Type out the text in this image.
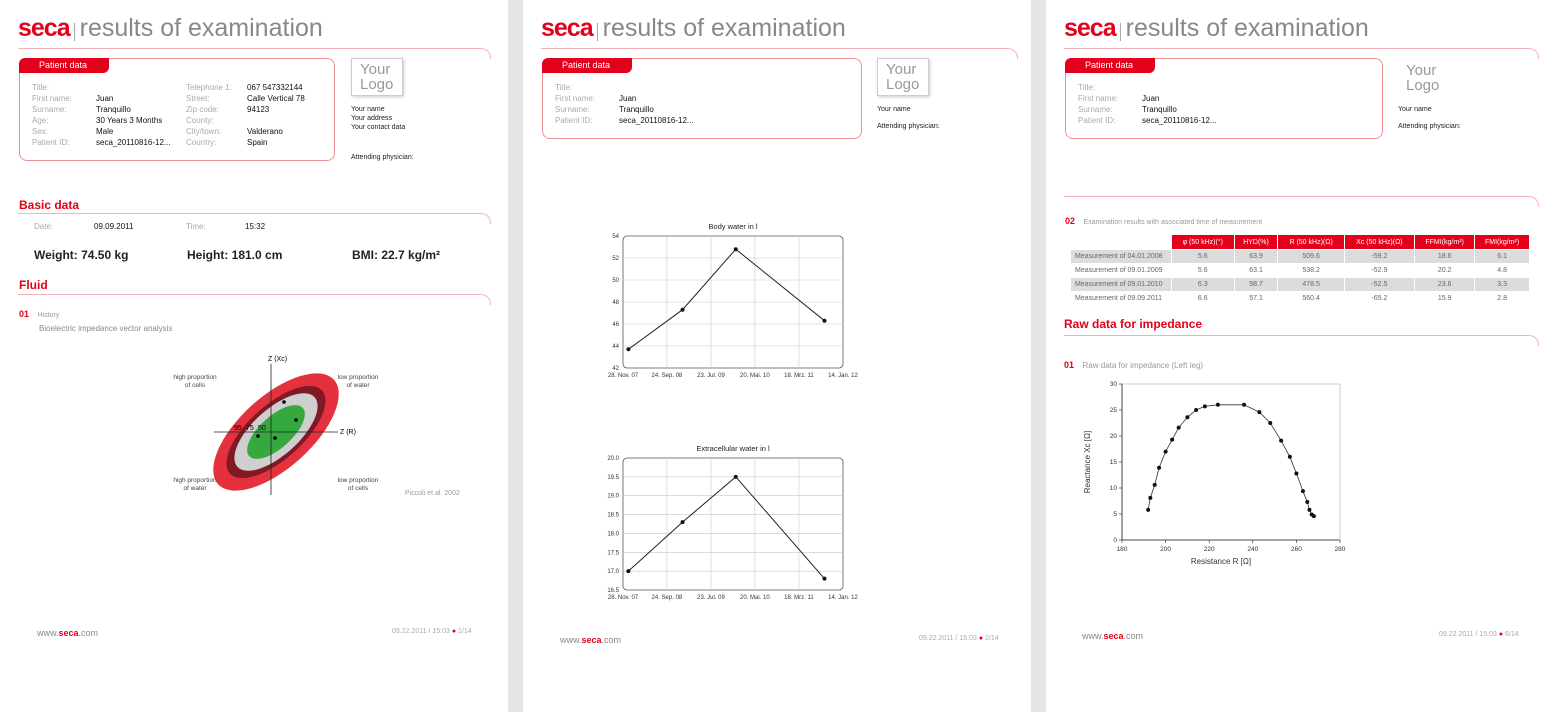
seca results of examination
Patient data
Title:
First name:	Juan
Surname:	Tranquillo
Age:	30 Years 3 Months
Sex:	Male
Patient ID:	seca_20110816-12...
Telephone 1: 067 547332144
Street:	Calle Vertical 78
Zip code:	94123
County:
City/town:	Valderano
Country:	Spain
Your
Logo
Your name
Your address
Your contact data
Attending physician:
Basic data
Date:	09.09.2011	Time:	15:32
Weight: 74.50 kg	Height: 181.0 cm	BMI: 22.7 kg/m²
Fluid
01 History
Bioelectric impedance vector analysis
Z (Xc)
Z (R)
95 75 50
high proportion of cells
low proportion of water
high proportion of water
low proportion of cells
Piccoli et al. 2002
www.seca.com	09.22.2011 / 15:03 ● 1/14
seca results of examination
Patient data
Title:
First name:	Juan
Surname:	Tranquillo
Patient ID:	seca_20110816-12...
Your
Logo
Your name
Attending physician:
Body water in l
28. Nov. 07 24. Sep. 08 23. Jul. 09	20. Mai. 10 18. Mrz. 11 14. Jan. 12
54
52
50
48
46
44
42
Extracellular water in l
28. Nov. 07 24. Sep. 08 23. Jul. 09	20. Mai. 10 18. Mrz. 11 14. Jan. 12
20.0
19.5
19.0
18.5
18.0
17.5
17.0
16.5
www.seca.com	09.22.2011 / 15:03 ● 2/14
seca results of examination
Patient data
Title:
First name:	Juan
Surname:	Tranquillo
Patient ID:	seca_20110816-12...
Your
Logo
Your name
Attending physician:
02 Examination results with associated time of measurement
	φ (50 kHz)(°)	HYD(%)	R (50 kHz)(Ω)	Xc (50 kHz)(Ω)	FFMI(kg/m²)	FMI(kg/m²)
Measurement of 04.01.2008	5.6	63.9	509.6	-59.2	18.6	6.1
Measurement of 09.01.2009	5.6	63.1	538.2	-52.9	20.2	4.8
Measurement of 09.01.2010	6.3	58.7	478.5	-52.5	23.6	3.3
Measurement of 09.09.2011	6.6	57.1	560.4	-65.2	15.9	2.8
Raw data for impedance
01 Raw data for impedance (Left leg)
30
25
20
15
10
5
0
180	200	220	240	260	280
Resistance R [Ω]
Reactance Xc [Ω]
www.seca.com	09.22.2011 / 15:03 ● 6/14
